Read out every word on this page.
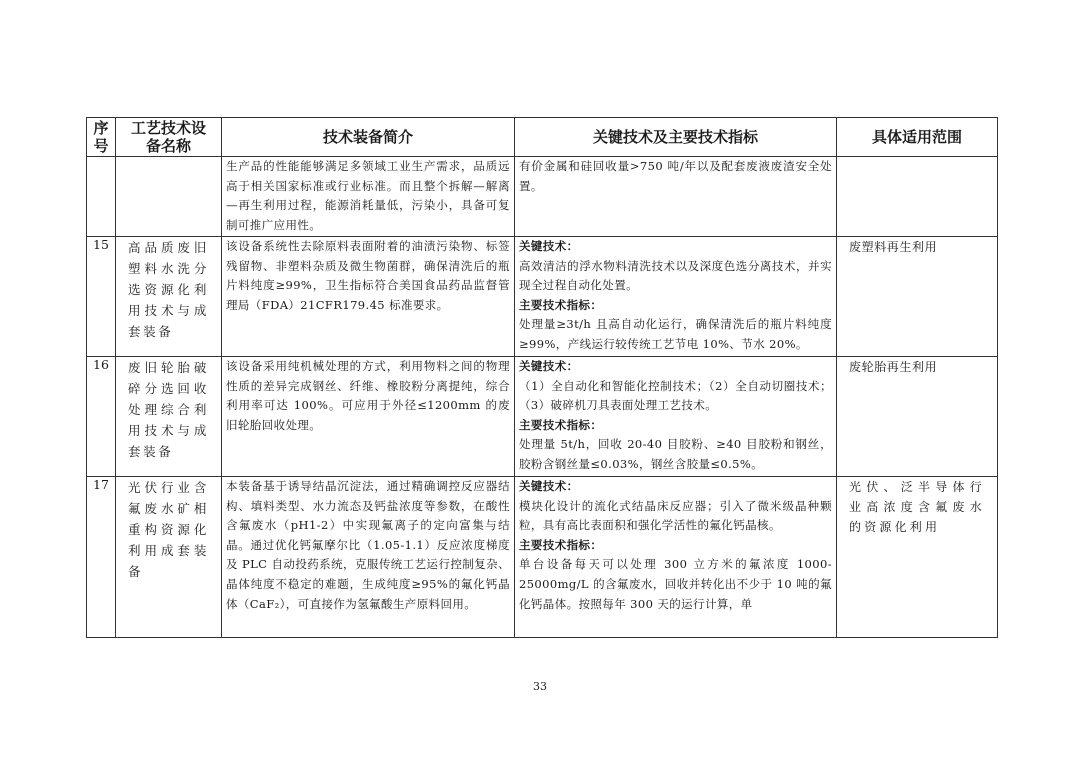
序
号	工艺技术设
备名称	技术装备简介	关键技术及主要技术指标	具体适用范围

		生产品的性能能够满足多领域工业生产需求，品质远高于相关国家标准或行业标准。而且整个拆解—解离—再生利用过程，能源消耗量低，污染小，具备可复制可推广应用性。	有价金属和硅回收量>750 吨/年以及配套废液废渣安全处置。	

15	高品质废旧塑料水洗分选资源化利用技术与成套装备	该设备系统性去除原料表面附着的油渍污染物、标签残留物、非塑料杂质及微生物菌群，确保清洗后的瓶片料纯度≥99%，卫生指标符合美国食品药品监督管理局（FDA）21CFR179.45 标准要求。	关键技术：
高效清洁的浮水物料清洗技术以及深度色选分离技术，并实现全过程自动化处置。
主要技术指标：
处理量≥3t/h 且高自动化运行，确保清洗后的瓶片料纯度≥99%，产线运行较传统工艺节电 10%、节水 20%。	废塑料再生利用

16	废旧轮胎破碎分选回收处理综合利用技术与成套装备	该设备采用纯机械处理的方式，利用物料之间的物理性质的差异完成钢丝、纤维、橡胶粉分离提纯，综合利用率可达 100%。可应用于外径≤1200mm 的废旧轮胎回收处理。	关键技术：
（1）全自动化和智能化控制技术；（2）全自动切圈技术；（3）破碎机刀具表面处理工艺技术。
主要技术指标：
处理量 5t/h，回收 20-40 目胶粉、≥40 目胶粉和钢丝，胶粉含钢丝量≤0.03%，钢丝含胶量≤0.5%。	废轮胎再生利用

17	光伏行业含氟废水矿相重构资源化利用成套装备	本装备基于诱导结晶沉淀法，通过精确调控反应器结构、填料类型、水力流态及钙盐浓度等参数，在酸性含氟废水（pH1-2）中实现氟离子的定向富集与结晶。通过优化钙氟摩尔比（1.05-1.1）反应浓度梯度及 PLC 自动投药系统，克服传统工艺运行控制复杂、晶体纯度不稳定的难题，生成纯度≥95%的氟化钙晶体（CaF₂），可直接作为氢氟酸生产原料回用。	关键技术：
模块化设计的流化式结晶床反应器；引入了微米级晶种颗粒，具有高比表面积和强化学活性的氟化钙晶核。
主要技术指标：
单台设备每天可以处理 300 立方米的氟浓度 1000-25000mg/L 的含氟废水，回收并转化出不少于 10 吨的氟化钙晶体。按照每年 300 天的运行计算，单	光伏、泛半导体行业高浓度含氟废水的资源化利用
33
